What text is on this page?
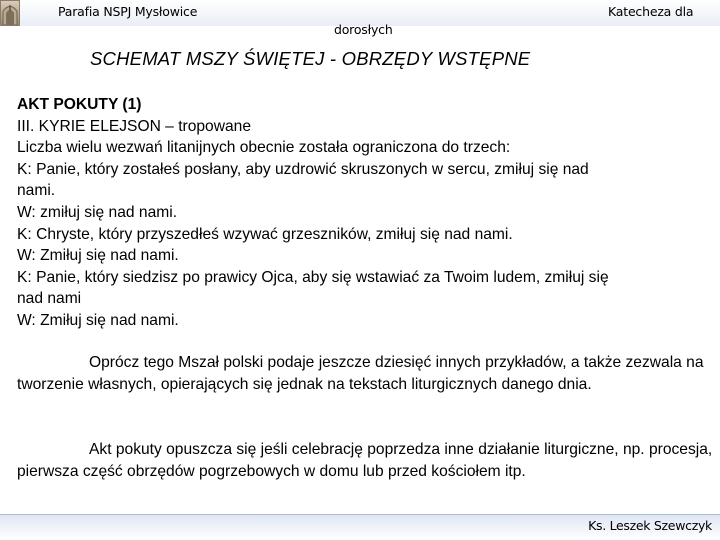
Parafia NSPJ Mysłowice	Katecheza dla
dorosłych
SCHEMAT MSZY ŚWIĘTEJ - OBRZĘDY WSTĘPNE
AKT POKUTY (1)
III. KYRIE ELEJSON – tropowane
Liczba wielu wezwań litanijnych obecnie została ograniczona do trzech:
K: Panie, który zostałeś posłany, aby uzdrowić skruszonych w sercu, zmiłuj się nad
nami.
W: zmiłuj się nad nami.
K: Chryste, który przyszedłeś wzywać grzeszników, zmiłuj się nad nami.
W: Zmiłuj się nad nami.
K: Panie, który siedzisz po prawicy Ojca, aby się wstawiać za Twoim ludem, zmiłuj się
nad nami
W: Zmiłuj się nad nami.
Oprócz tego Mszał polski podaje jeszcze dziesięć innych przykładów, a także zezwala na tworzenie własnych, opierających się jednak na tekstach liturgicznych danego dnia.
Akt pokuty opuszcza się jeśli celebrację poprzedza inne działanie liturgiczne, np. procesja, pierwsza część obrzędów pogrzebowych w domu lub przed kościołem itp.
Ks. Leszek Szewczyk
